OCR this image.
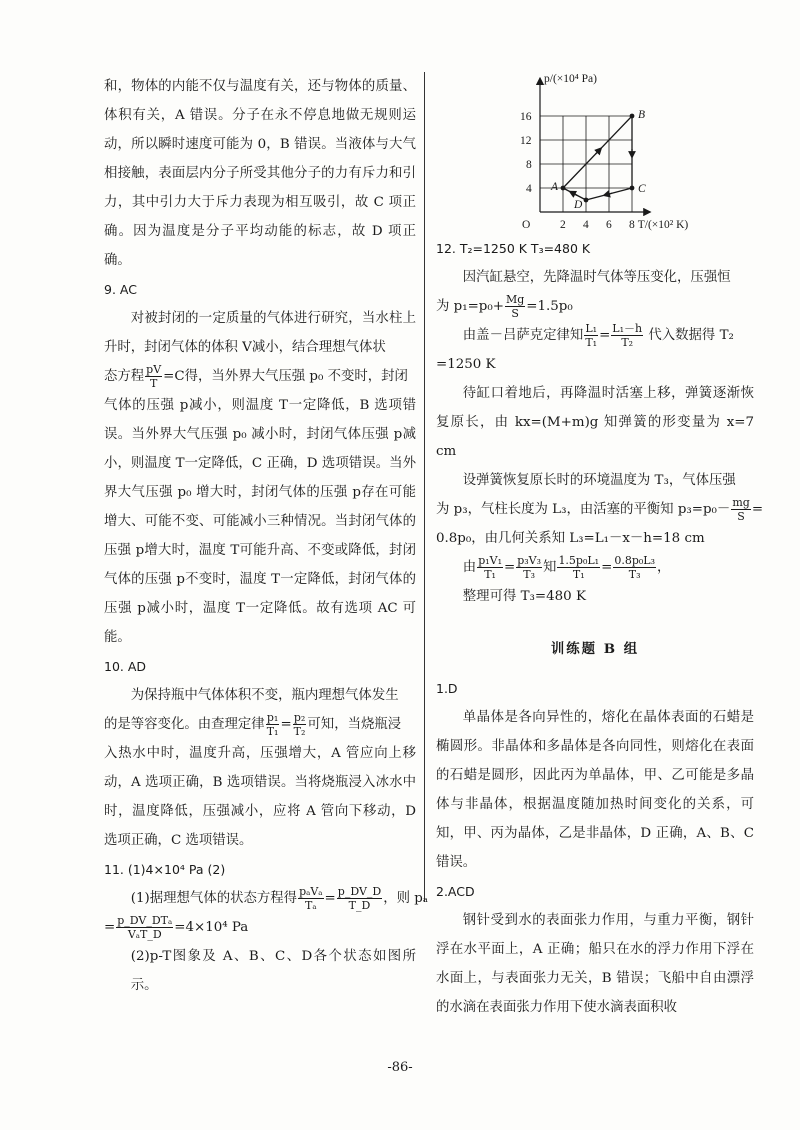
和，物体的内能不仅与温度有关，还与物体的质量、体积有关，A 错误。分子在永不停息地做无规则运动，所以瞬时速度可能为 0，B 错误。当液体与大气相接触，表面层内分子所受其他分子的力有斥力和引力，其中引力大于斥力表现为相互吸引，故 C 项正确。因为温度是分子平均动能的标志，故 D 项正确。

9. AC

对被封闭的一定质量的气体进行研究，当水柱上升时，封闭气体的体积 V减小，结合理想气体状

态方程 $\frac{pV}{T} =C$得，当外界大气压强 p₀ 不变时，封闭

气体的压强 p减小，则温度 T一定降低，B 选项错误。当外界大气压强 p₀ 减小时，封闭气体压强 p减小，则温度 T一定降低，C 正确，D 选项错误。当外界大气压强 p₀ 增大时，封闭气体的压强 p存在可能增大、可能不变、可能减小三种情况。当封闭气体的压强 p增大时，温度 T可能升高、不变或降低，封闭气体的压强 p不变时，温度 T一定降低，封闭气体的压强 p减小时，温度 T一定降低。故有选项 AC 可能。

10. AD

为保持瓶中气体体积不变，瓶内理想气体发生

的是等容变化。由查理定律 $\frac{\text{p₁}}{\text{T₁}} = \frac{\text{p₂}}{\text{T₂}}$ 可知，当烧瓶浸

入热水中时，温度升高，压强增大，A 管应向上移动，A 选项正确，B 选项错误。当将烧瓶浸入冰水中时，温度降低，压强减小，应将 A 管向下移动，D 选项正确，C 选项错误。

11. (1)4×10⁴ Pa (2)

(1)据理想气体的状态方程得 $\frac{\text{pₐVₐ}}{\text{Tₐ}} = \frac{p\_DV\_D}{T\_D}$ ，则 pₐ

= $\frac{\text{p\_DV\_DTₐ}}{\text{VₐT\_D}} =4\times 10^4$ Pa

(2)p-T图象及 A、B、C、D各个状态如图所示。

p/(×10⁴ Pa)
T/(×10² K)
O	2 4 6 8
4
8
12
16
A
B
C
D

12. T₂=1250 K T₃=480 K

因汽缸悬空，先降温时气体等压变化，压强恒

为 $p_1=p_0+ \frac{Mg}{S} =1.5p_0$

由盖－吕萨克定律知 $\frac{\text{L₁}}{\text{T₁}} = \frac{\text{L₁－h}}{\text{T₂}}$ 代入数据得 T₂

=1250 K

待缸口着地后，再降温时活塞上移，弹簧逐渐恢复原长，由 kx=(M+m)g 知弹簧的形变量为 x=7 cm

设弹簧恢复原长时的环境温度为 T₃，气体压强

为 p₃，气柱长度为 L₃，由活塞的平衡知 $p_3=p_0- \frac{mg}{S}$ =

0.8p₀，由几何关系知 L₃=L₁－x－h=18 cm

由 $\frac{\text{p₁V₁}}{\text{T₁}} = \frac{\text{p₃V₃}}{\text{T₃}}$ 知 $\frac{\text{1.5p₀L₁}}{\text{T₁}} = \frac{\text{0.8p₀L₃}}{\text{T₃}}$ ，

整理可得 T₃=480 K

训练题 B 组

1.D

单晶体是各向异性的，熔化在晶体表面的石蜡是椭圆形。非晶体和多晶体是各向同性，则熔化在表面的石蜡是圆形，因此丙为单晶体，甲、乙可能是多晶体与非晶体，根据温度随加热时间变化的关系，可知，甲、丙为晶体，乙是非晶体，D 正确，A、B、C 错误。

2.ACD

钢针受到水的表面张力作用，与重力平衡，钢针浮在水平面上，A 正确；船只在水的浮力作用下浮在水面上，与表面张力无关，B 错误；飞船中自由漂浮的水滴在表面张力作用下使水滴表面积收

-86-
